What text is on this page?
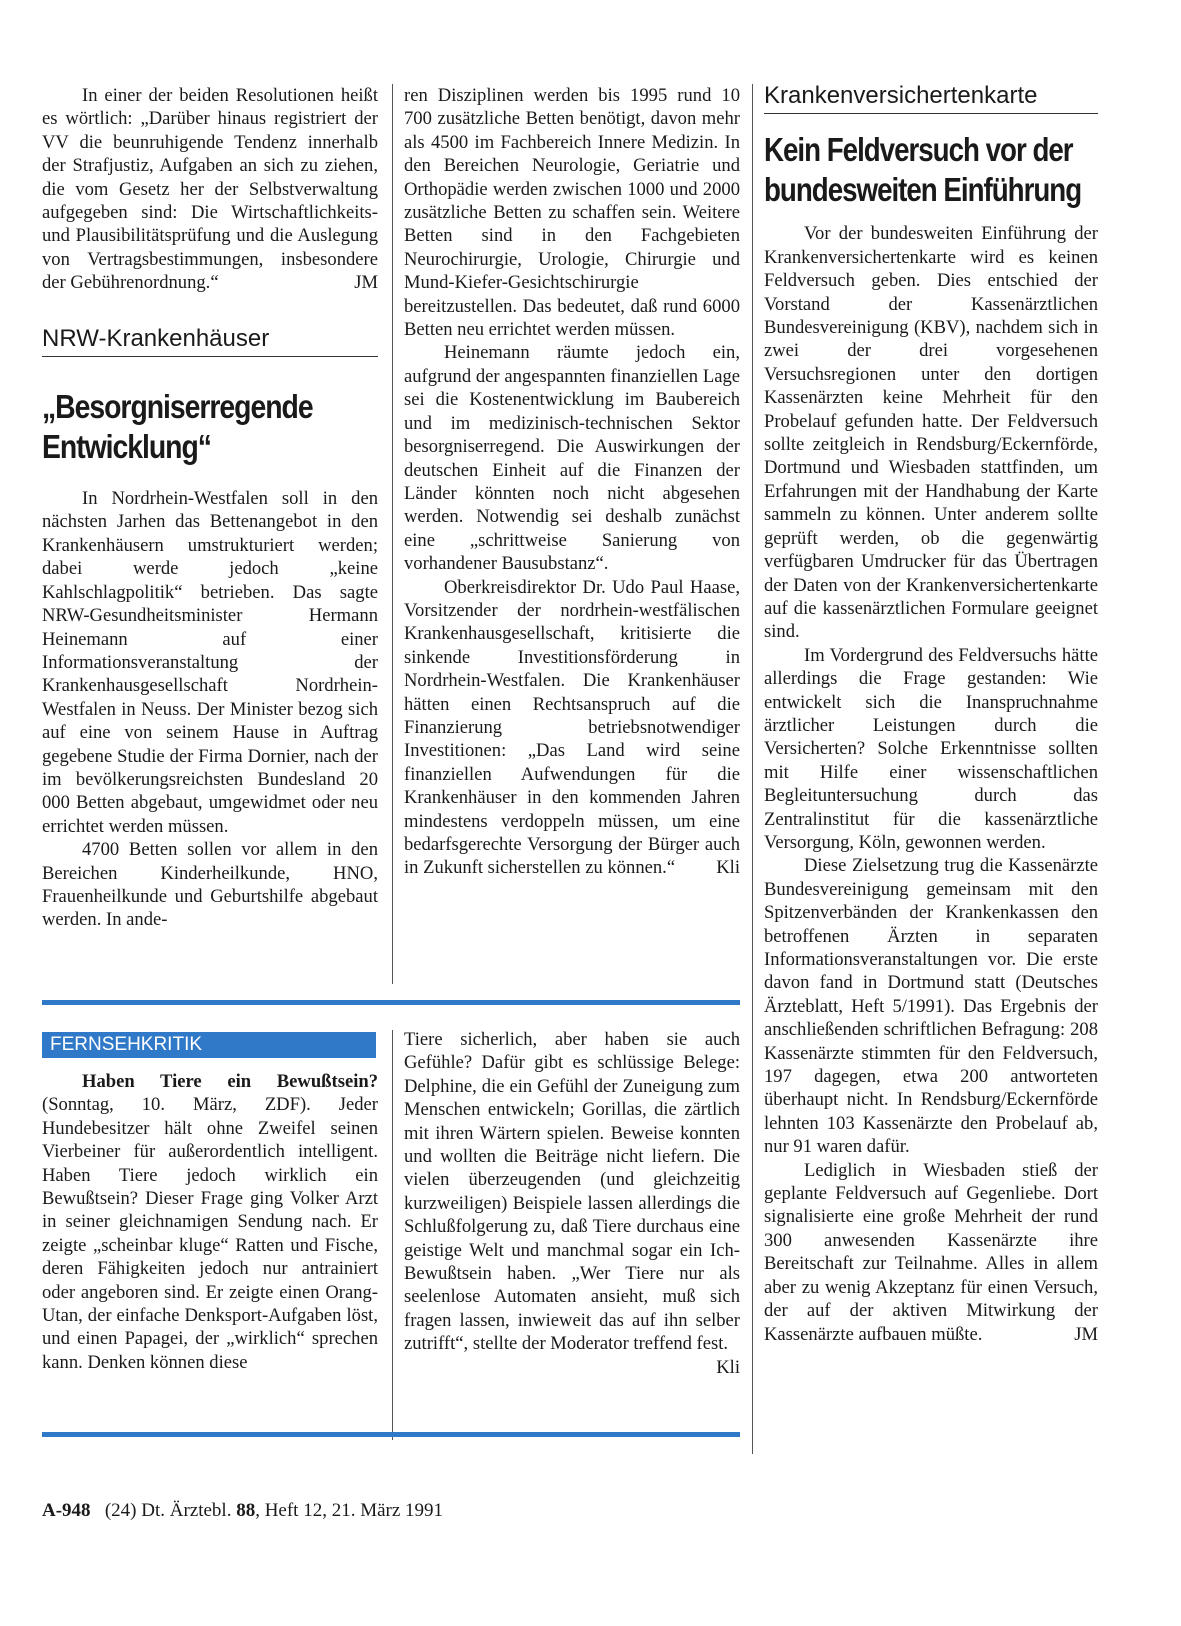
In einer der beiden Resolutionen heißt es wörtlich: „Darüber hinaus registriert der VV die beunruhigende Tendenz innerhalb der Strafjustiz, Aufgaben an sich zu ziehen, die vom Gesetz her der Selbstverwaltung aufgegeben sind: Die Wirtschaftlichkeits- und Plausibilitätsprüfung und die Auslegung von Vertragsbestimmungen, insbesondere der Gebührenordnung.“	JM

NRW-Krankenhäuser
„Besorgniserregende
Entwicklung“

In Nordrhein-Westfalen soll in den nächsten Jarhen das Bettenangebot in den Krankenhäusern umstrukturiert werden; dabei werde jedoch „keine Kahlschlagpolitik“ betrieben. Das sagte NRW-Gesundheitsminister Hermann Heinemann auf einer Informationsveranstaltung der Krankenhausgesellschaft Nordrhein-Westfalen in Neuss. Der Minister bezog sich auf eine von seinem Hause in Auftrag gegebene Studie der Firma Dornier, nach der im bevölkerungsreichsten Bundesland 20 000 Betten abgebaut, umgewidmet oder neu errichtet werden müssen.

4700 Betten sollen vor allem in den Bereichen Kinderheilkunde, HNO, Frauenheilkunde und Geburtshilfe abgebaut werden. In ande-

ren Disziplinen werden bis 1995 rund 10 700 zusätzliche Betten benötigt, davon mehr als 4500 im Fachbereich Innere Medizin. In den Bereichen Neurologie, Geriatrie und Orthopädie werden zwischen 1000 und 2000 zusätzliche Betten zu schaffen sein. Weitere Betten sind in den Fachgebieten Neurochirurgie, Urologie, Chirurgie und Mund-Kiefer-Gesichtschirurgie bereitzustellen. Das bedeutet, daß rund 6000 Betten neu errichtet werden müssen.

Heinemann räumte jedoch ein, aufgrund der angespannten finanziellen Lage sei die Kostenentwicklung im Baubereich und im medizinisch-technischen Sektor besorgniserregend. Die Auswirkungen der deutschen Einheit auf die Finanzen der Länder könnten noch nicht abgesehen werden. Notwendig sei deshalb zunächst eine „schrittweise Sanierung von vorhandener Bausubstanz“.

Oberkreisdirektor Dr. Udo Paul Haase, Vorsitzender der nordrhein-westfälischen Krankenhausgesellschaft, kritisierte die sinkende Investitionsförderung in Nordrhein-Westfalen. Die Krankenhäuser hätten einen Rechtsanspruch auf die Finanzierung betriebsnotwendiger Investitionen: „Das Land wird seine finanziellen Aufwendungen für die Krankenhäuser in den kommenden Jahren mindestens verdoppeln müssen, um eine bedarfsgerechte Versorgung der Bürger auch in Zukunft sicherstellen zu können.“ Kli

Krankenversichertenkarte
Kein Feldversuch vor der
bundesweiten Einführung

Vor der bundesweiten Einführung der Krankenversichertenkarte wird es keinen Feldversuch geben. Dies entschied der Vorstand der Kassenärztlichen Bundesvereinigung (KBV), nachdem sich in zwei der drei vorgesehenen Versuchsregionen unter den dortigen Kassenärzten keine Mehrheit für den Probelauf gefunden hatte. Der Feldversuch sollte zeitgleich in Rendsburg/Eckernförde, Dortmund und Wiesbaden stattfinden, um Erfahrungen mit der Handhabung der Karte sammeln zu können. Unter anderem sollte geprüft werden, ob die gegenwärtig verfügbaren Umdrucker für das Übertragen der Daten von der Krankenversichertenkarte auf die kassenärztlichen Formulare geeignet sind.

Im Vordergrund des Feldversuchs hätte allerdings die Frage gestanden: Wie entwickelt sich die Inanspruchnahme ärztlicher Leistungen durch die Versicherten? Solche Erkenntnisse sollten mit Hilfe einer wissenschaftlichen Begleituntersuchung durch das Zentralinstitut für die kassenärztliche Versorgung, Köln, gewonnen werden.

Diese Zielsetzung trug die Kassenärzte Bundesvereinigung gemeinsam mit den Spitzenverbänden der Krankenkassen den betroffenen Ärzten in separaten Informationsveranstaltungen vor. Die erste davon fand in Dortmund statt (Deutsches Ärzteblatt, Heft 5/1991). Das Ergebnis der anschließenden schriftlichen Befragung: 208 Kassenärzte stimmten für den Feldversuch, 197 dagegen, etwa 200 antworteten überhaupt nicht. In Rendsburg/Eckernförde lehnten 103 Kassenärzte den Probelauf ab, nur 91 waren dafür.

Lediglich in Wiesbaden stieß der geplante Feldversuch auf Gegenliebe. Dort signalisierte eine große Mehrheit der rund 300 anwesenden Kassenärzte ihre Bereitschaft zur Teilnahme. Alles in allem aber zu wenig Akzeptanz für einen Versuch, der auf der aktiven Mitwirkung der Kassenärzte aufbauen müßte.	JM

FERNSEHKRITIK

Haben Tiere ein Bewußtsein? (Sonntag, 10. März, ZDF). Jeder Hundebesitzer hält ohne Zweifel seinen Vierbeiner für außerordentlich intelligent. Haben Tiere jedoch wirklich ein Bewußtsein? Dieser Frage ging Volker Arzt in seiner gleichnamigen Sendung nach. Er zeigte „scheinbar kluge“ Ratten und Fische, deren Fähigkeiten jedoch nur antrainiert oder angeboren sind. Er zeigte einen Orang-Utan, der einfache Denksport-Aufgaben löst, und einen Papagei, der „wirklich“ sprechen kann. Denken können diese

Tiere sicherlich, aber haben sie auch Gefühle? Dafür gibt es schlüssige Belege: Delphine, die ein Gefühl der Zuneigung zum Menschen entwickeln; Gorillas, die zärtlich mit ihren Wärtern spielen. Beweise konnten und wollten die Beiträge nicht liefern. Die vielen überzeugenden (und gleichzeitig kurzweiligen) Beispiele lassen allerdings die Schlußfolgerung zu, daß Tiere durchaus eine geistige Welt und manchmal sogar ein Ich-Bewußtsein haben. „Wer Tiere nur als seelenlose Automaten ansieht, muß sich fragen lassen, inwieweit das auf ihn selber zutrifft“, stellte der Moderator treffend fest.
Kli

A-948 (24) Dt. Ärztebl. 88, Heft 12, 21. März 1991
